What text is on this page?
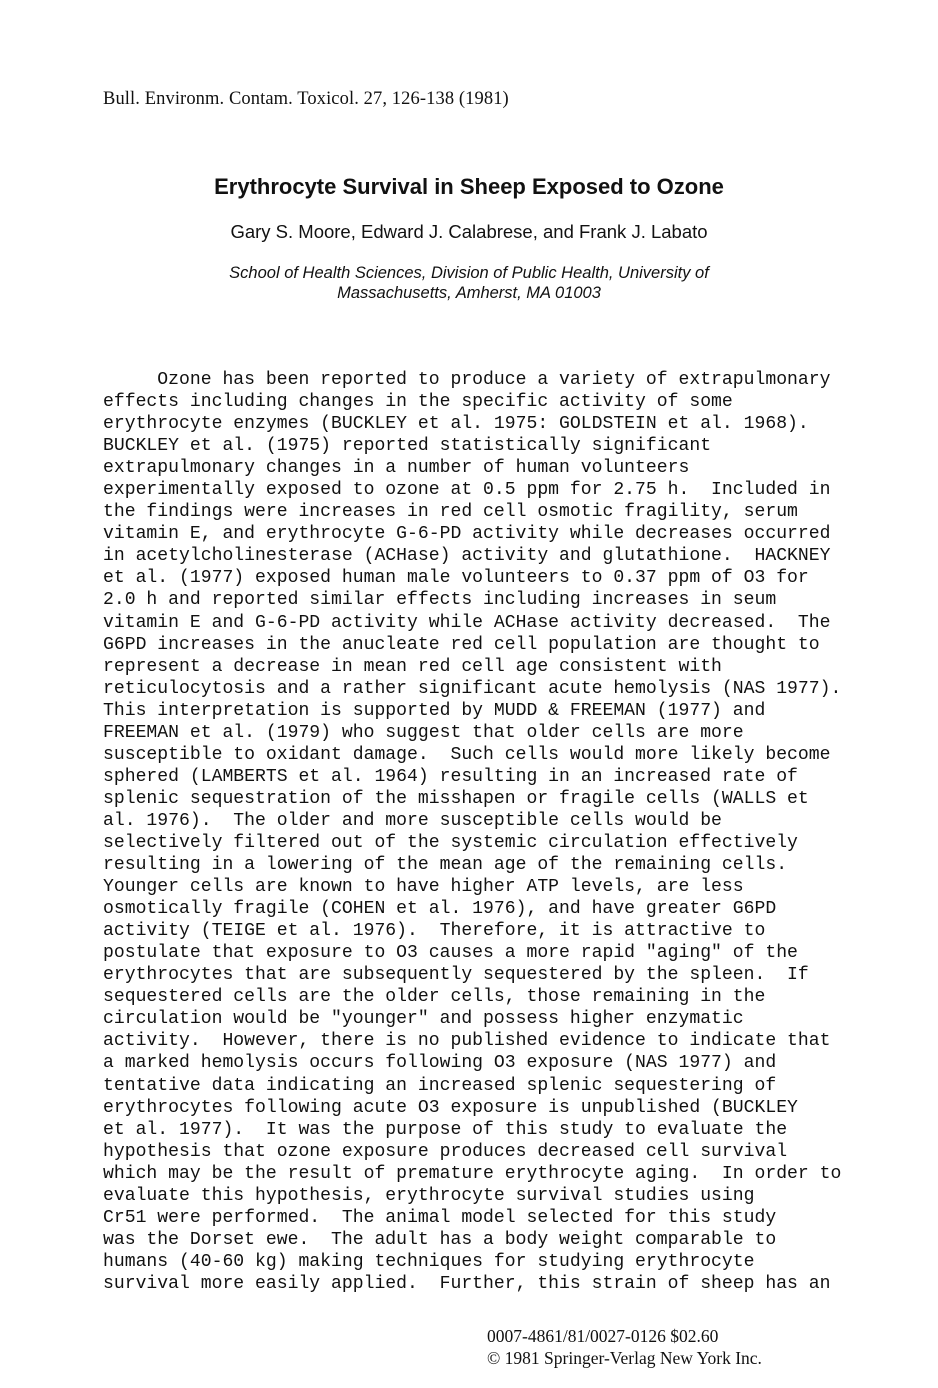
Bull. Environm. Contam. Toxicol. 27, 126-138 (1981)
Erythrocyte Survival in Sheep Exposed to Ozone
Gary S. Moore, Edward J. Calabrese, and Frank J. Labato
School of Health Sciences, Division of Public Health, University of
Massachusetts, Amherst, MA 01003
Ozone has been reported to produce a variety of extrapulmonary
effects including changes in the specific activity of some
erythrocyte enzymes (BUCKLEY et al. 1975: GOLDSTEIN et al. 1968).
BUCKLEY et al. (1975) reported statistically significant
extrapulmonary changes in a number of human volunteers
experimentally exposed to ozone at 0.5 ppm for 2.75 h.  Included in
the findings were increases in red cell osmotic fragility, serum
vitamin E, and erythrocyte G-6-PD activity while decreases occurred
in acetylcholinesterase (ACHase) activity and glutathione.  HACKNEY
et al. (1977) exposed human male volunteers to 0.37 ppm of O3 for
2.0 h and reported similar effects including increases in seum
vitamin E and G-6-PD activity while ACHase activity decreased.  The
G6PD increases in the anucleate red cell population are thought to
represent a decrease in mean red cell age consistent with
reticulocytosis and a rather significant acute hemolysis (NAS 1977).
This interpretation is supported by MUDD & FREEMAN (1977) and
FREEMAN et al. (1979) who suggest that older cells are more
susceptible to oxidant damage.  Such cells would more likely become
sphered (LAMBERTS et al. 1964) resulting in an increased rate of
splenic sequestration of the misshapen or fragile cells (WALLS et
al. 1976).  The older and more susceptible cells would be
selectively filtered out of the systemic circulation effectively
resulting in a lowering of the mean age of the remaining cells.
Younger cells are known to have higher ATP levels, are less
osmotically fragile (COHEN et al. 1976), and have greater G6PD
activity (TEIGE et al. 1976).  Therefore, it is attractive to
postulate that exposure to O3 causes a more rapid "aging" of the
erythrocytes that are subsequently sequestered by the spleen.  If
sequestered cells are the older cells, those remaining in the
circulation would be "younger" and possess higher enzymatic
activity.  However, there is no published evidence to indicate that
a marked hemolysis occurs following O3 exposure (NAS 1977) and
tentative data indicating an increased splenic sequestering of
erythrocytes following acute O3 exposure is unpublished (BUCKLEY
et al. 1977).  It was the purpose of this study to evaluate the
hypothesis that ozone exposure produces decreased cell survival
which may be the result of premature erythrocyte aging.  In order to
evaluate this hypothesis, erythrocyte survival studies using
Cr51 were performed.  The animal model selected for this study
was the Dorset ewe.  The adult has a body weight comparable to
humans (40-60 kg) making techniques for studying erythrocyte
survival more easily applied.  Further, this strain of sheep has an
0007-4861/81/0027-0126 $02.60
© 1981 Springer-Verlag New York Inc.
